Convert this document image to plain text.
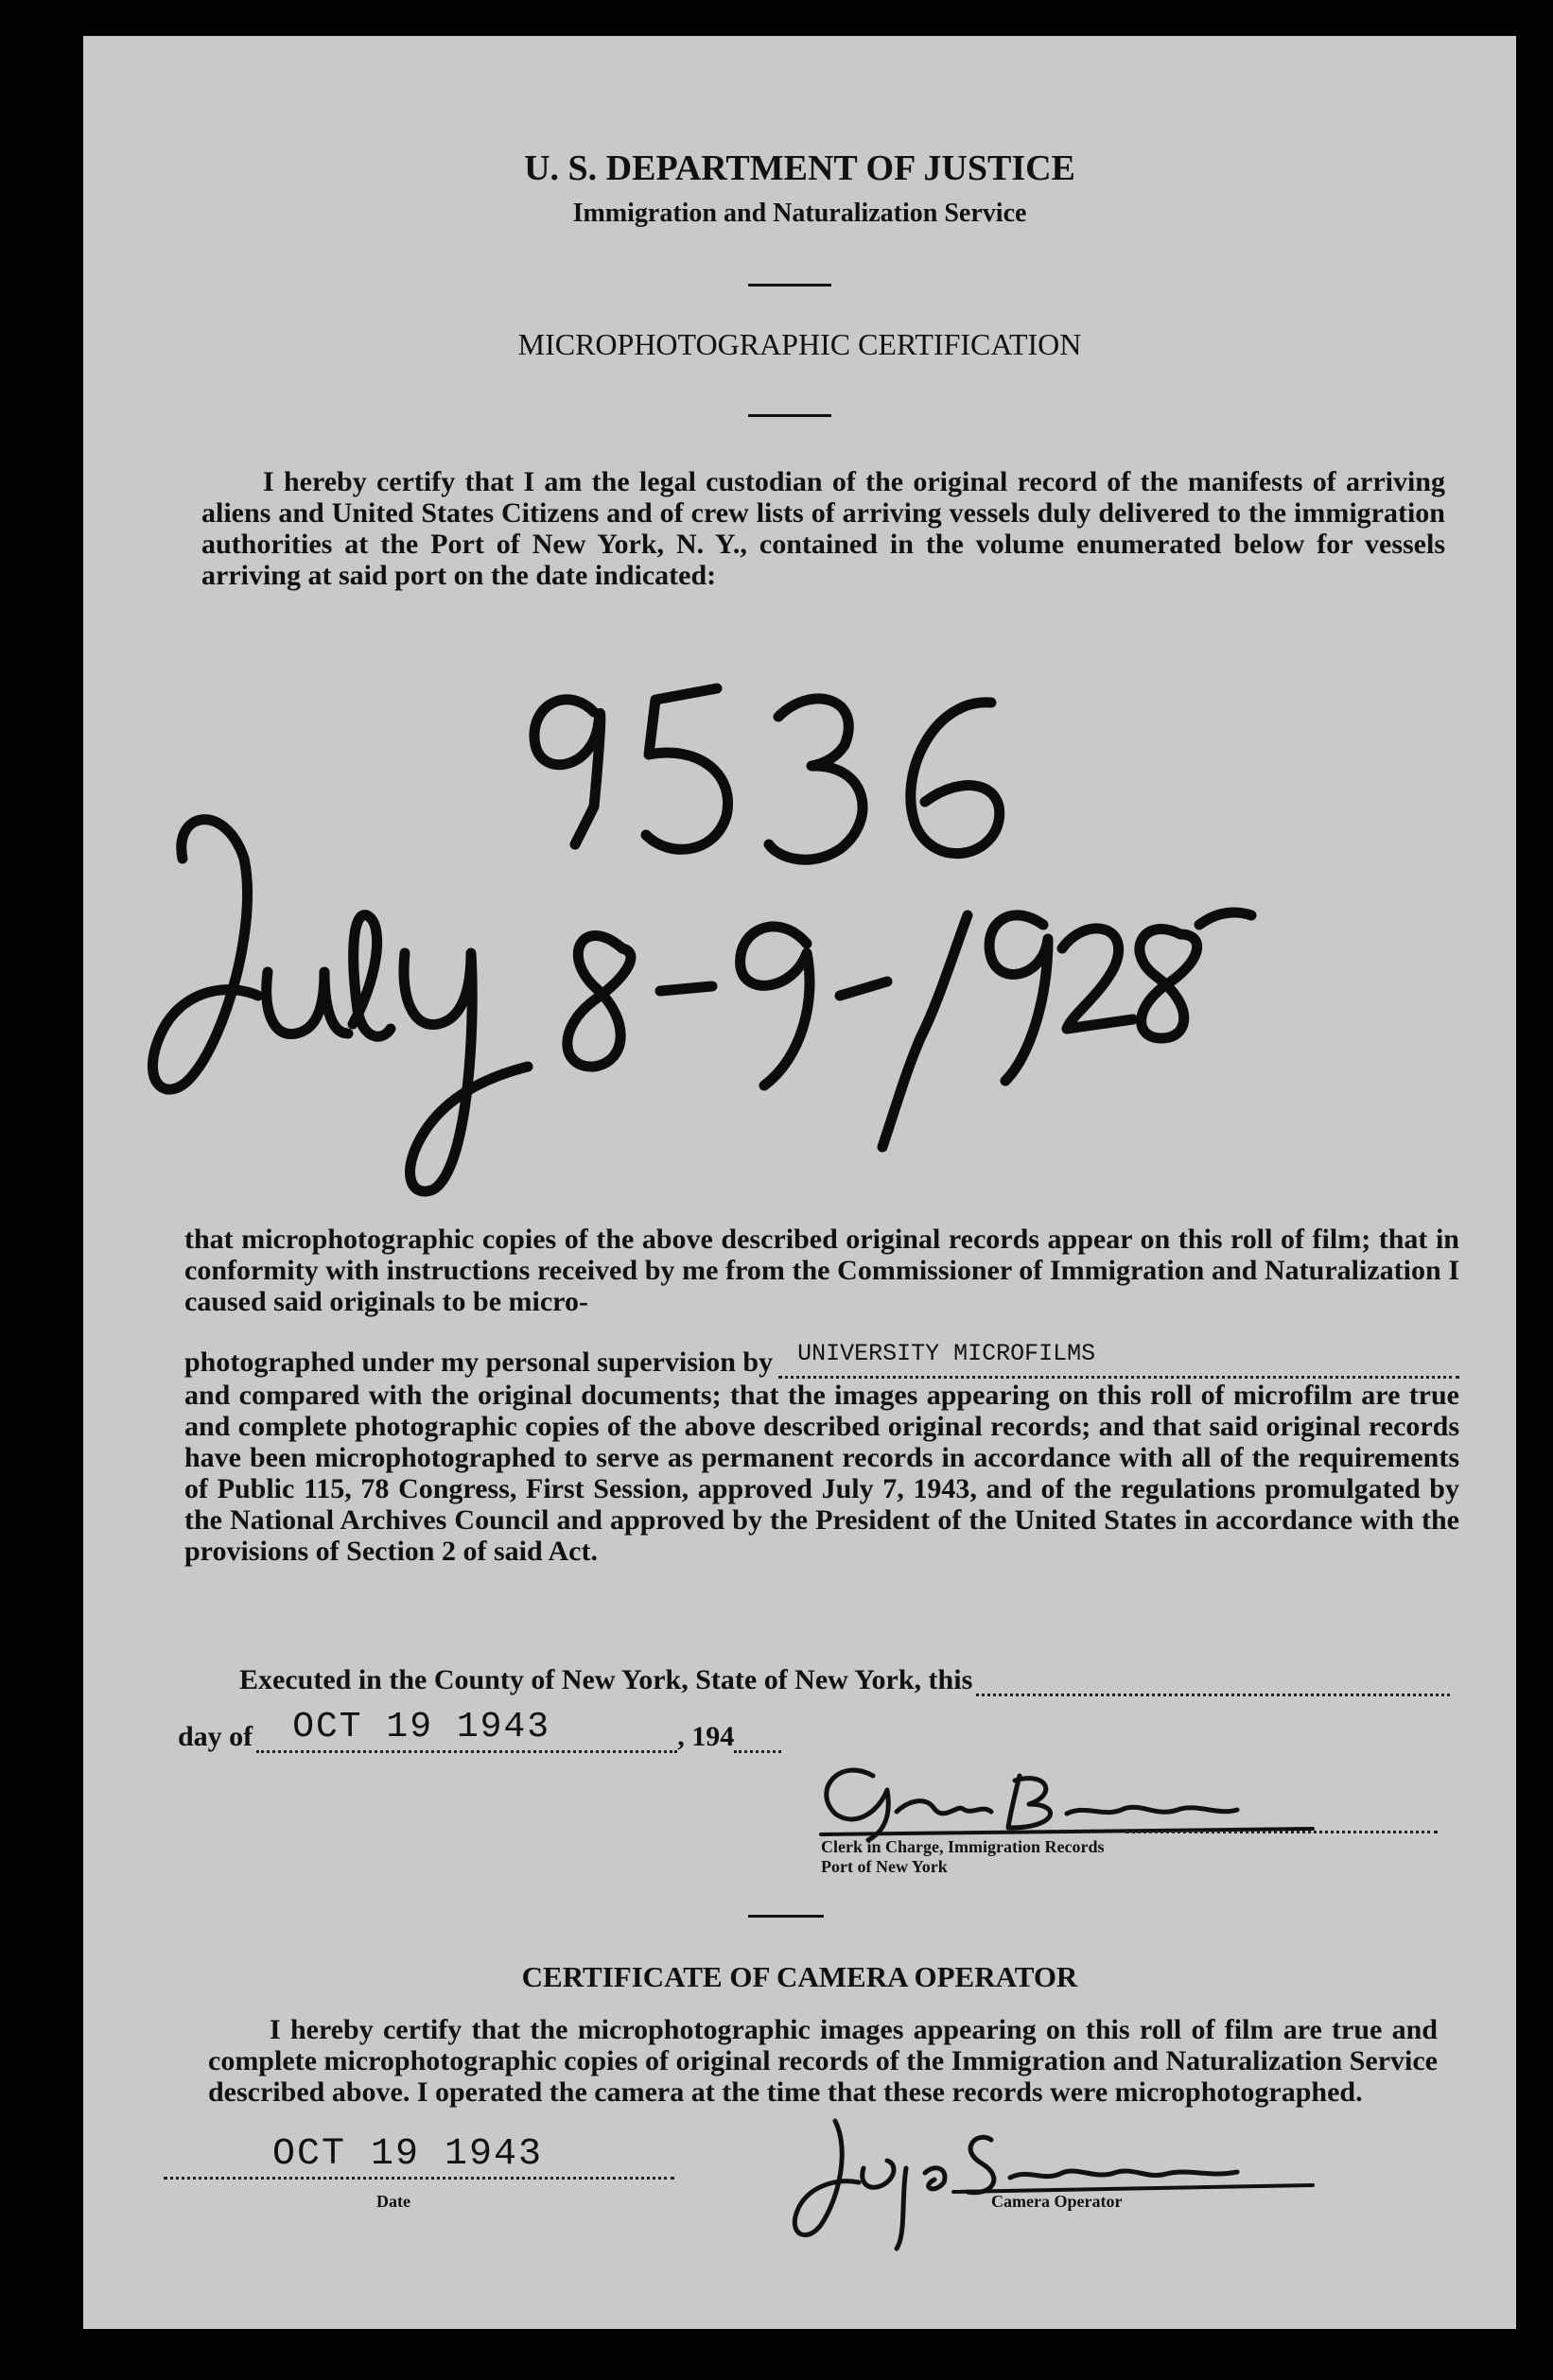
U. S. DEPARTMENT OF JUSTICE
Immigration and Naturalization Service
MICROPHOTOGRAPHIC CERTIFICATION
I hereby certify that I am the legal custodian of the original record of the manifests of arriving aliens and United States Citizens and of crew lists of arriving vessels duly delivered to the immigration authorities at the Port of New York, N. Y., contained in the volume enumerated below for vessels arriving at said port on the date indicated:
that microphotographic copies of the above described original records appear on this roll of film; that in conformity with instructions received by me from the Commissioner of Immigration and Naturalization I caused said originals to be micro-
photographed under my personal supervision by UNIVERSITY MICROFILMS
and compared with the original documents; that the images appearing on this roll of microfilm are true and complete photographic copies of the above described original records; and that said original records have been microphotographed to serve as permanent records in accordance with all of the requirements of Public 115, 78 Congress, First Session, approved July 7, 1943, and of the regulations promulgated by the National Archives Council and approved by the President of the United States in accordance with the provisions of Section 2 of said Act.
Executed in the County of New York, State of New York, this
day of OCT 19 1943	, 194
Clerk in Charge, Immigration Records
Port of New York
CERTIFICATE OF CAMERA OPERATOR
I hereby certify that the microphotographic images appearing on this roll of film are true and complete microphotographic copies of original records of the Immigration and Naturalization Service described above. I operated the camera at the time that these records were microphotographed.
OCT 19 1943
Date	Camera Operator
